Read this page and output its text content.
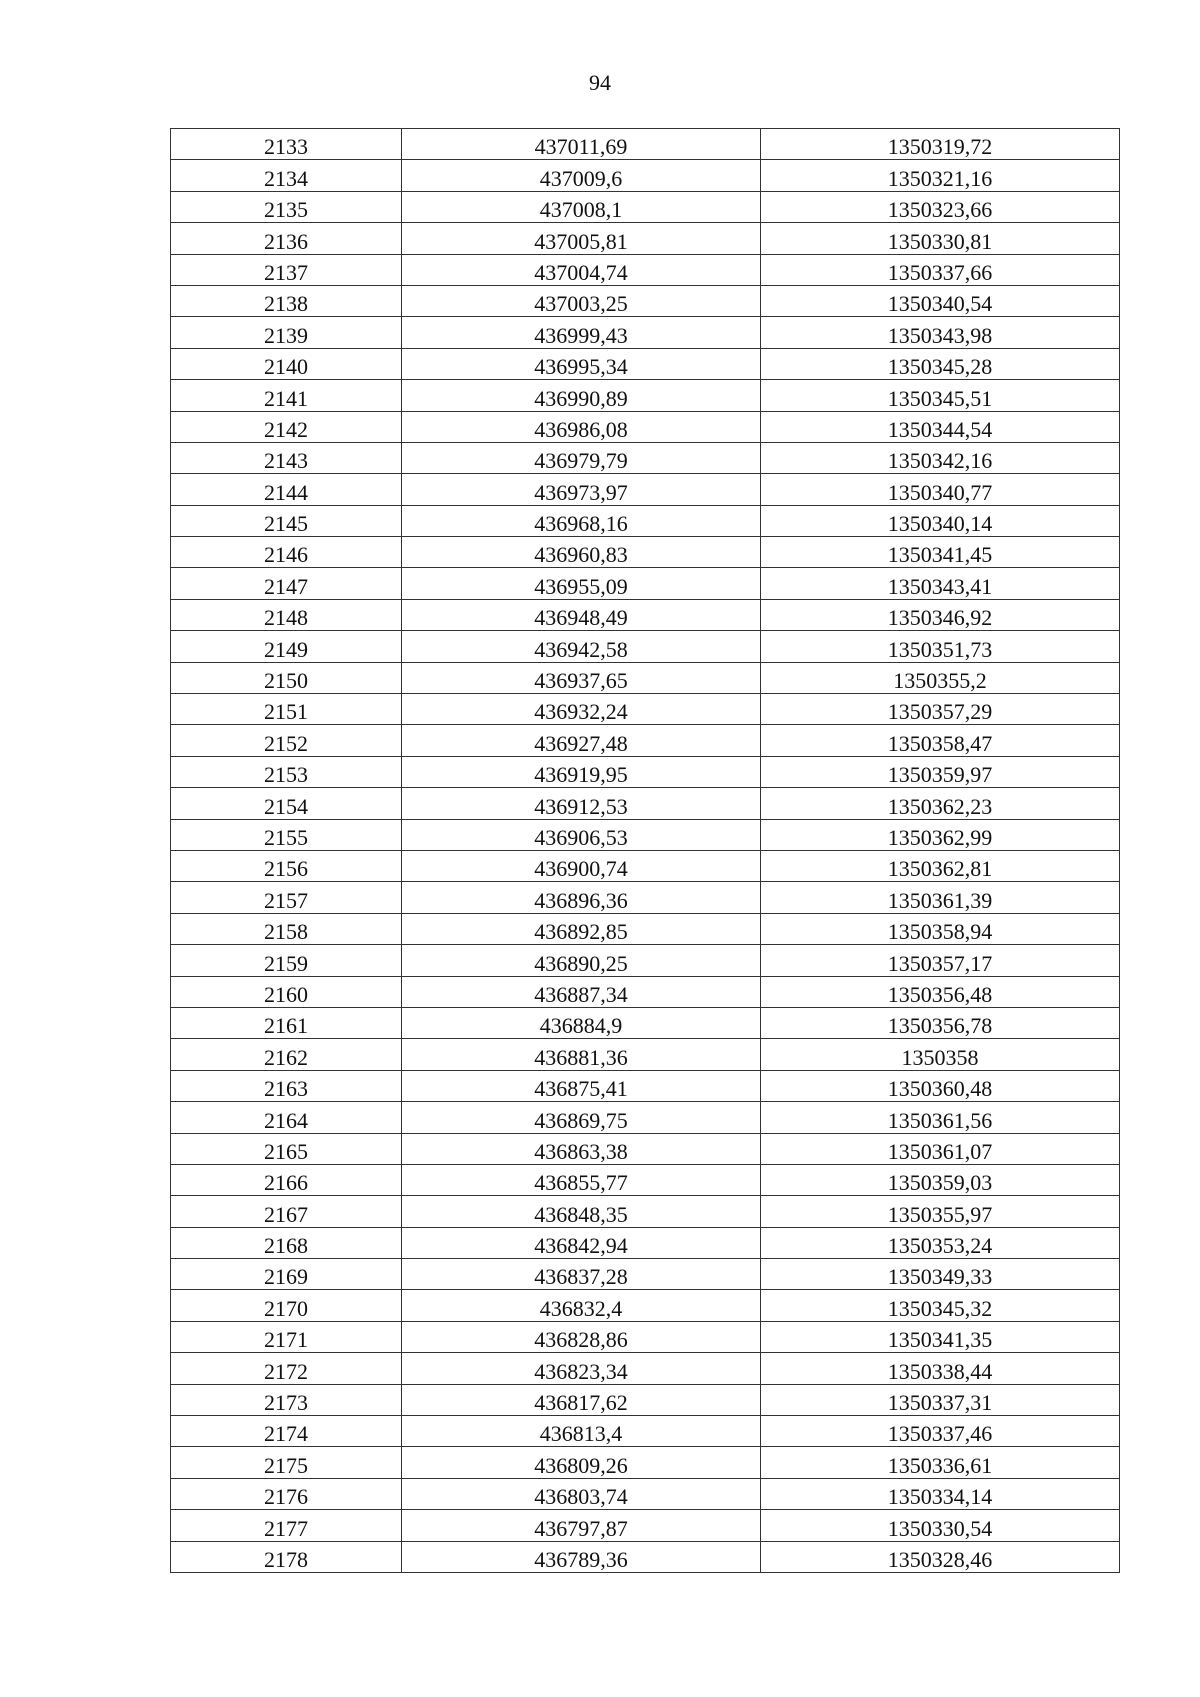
94
2133	437011,69	1350319,72
2134	437009,6	1350321,16
2135	437008,1	1350323,66
2136	437005,81	1350330,81
2137	437004,74	1350337,66
2138	437003,25	1350340,54
2139	436999,43	1350343,98
2140	436995,34	1350345,28
2141	436990,89	1350345,51
2142	436986,08	1350344,54
2143	436979,79	1350342,16
2144	436973,97	1350340,77
2145	436968,16	1350340,14
2146	436960,83	1350341,45
2147	436955,09	1350343,41
2148	436948,49	1350346,92
2149	436942,58	1350351,73
2150	436937,65	1350355,2
2151	436932,24	1350357,29
2152	436927,48	1350358,47
2153	436919,95	1350359,97
2154	436912,53	1350362,23
2155	436906,53	1350362,99
2156	436900,74	1350362,81
2157	436896,36	1350361,39
2158	436892,85	1350358,94
2159	436890,25	1350357,17
2160	436887,34	1350356,48
2161	436884,9	1350356,78
2162	436881,36	1350358
2163	436875,41	1350360,48
2164	436869,75	1350361,56
2165	436863,38	1350361,07
2166	436855,77	1350359,03
2167	436848,35	1350355,97
2168	436842,94	1350353,24
2169	436837,28	1350349,33
2170	436832,4	1350345,32
2171	436828,86	1350341,35
2172	436823,34	1350338,44
2173	436817,62	1350337,31
2174	436813,4	1350337,46
2175	436809,26	1350336,61
2176	436803,74	1350334,14
2177	436797,87	1350330,54
2178	436789,36	1350328,46
